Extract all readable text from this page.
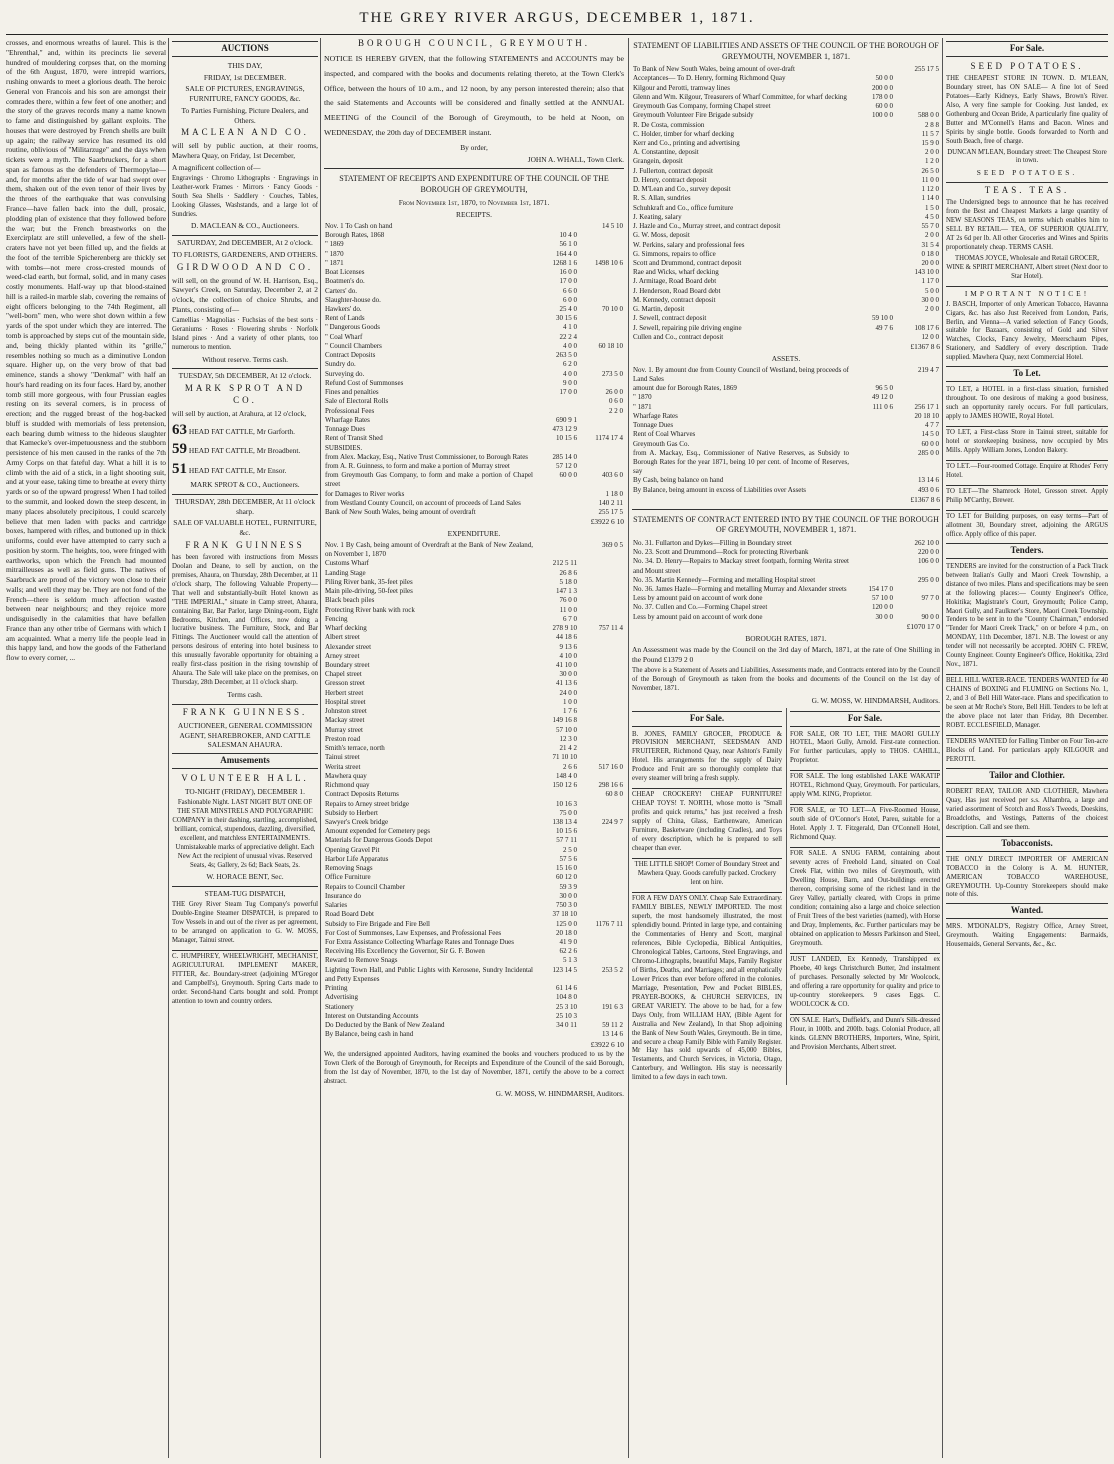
THE GREY RIVER ARGUS, DECEMBER 1, 1871.

crosses, and enormous wreaths of laurel. This is the "Ehrenthal," and, within its precincts lie several hundred of mouldering corpses that, on the morning of the 6th August, 1870, were intrepid warriors, rushing onwards to meet a glorious death. The heroic General von Francois and his son are amongst their comrades there, within a few feet of one another; and the story of the graves records many a name known to fame and distinguished by gallant exploits. The houses that were destroyed by French shells are built up again; the railway service has resumed its old routine, oblivious of "Militarzuge" and the days when tickets were a myth. The Saarbruckers, for a short span as famous as the defenders of Thermopylae—and, for months after the tide of war had swept over them, shaken out of the even tenor of their lives by the throes of the earthquake that was convulsing France—have fallen back into the dull, prosaic, plodding plan of existence that they followed before the war; but the French breastworks on the Exercirplatz are still unlevelled, a few of the shell-craters have not yet been filled up, and the fields at the foot of the terrible Spicherenberg are thickly set with tombs—not mere cross-crested mounds of weed-clad earth, but formal, solid, and in many cases costly monuments. Half-way up that blood-stained hill is a railed-in marble slab, covering the remains of eight officers belonging to the 74th Regiment, all "well-born" men, who were shot down within a few yards of the spot under which they are interred. The tomb is approached by steps cut of the mountain side, and, being thickly planted within its "grille," resembles nothing so much as a diminutive London square. Higher up, on the very brow of that bad eminence, stands a showy "Denkmal" with half an hour's hard reading on its four faces. Hard by, another tomb still more gorgeous, with four Prussian eagles resting on its several corners, is in process of erection; and the rugged breast of the hog-backed bluff is studded with memorials of less pretension, each bearing dumb witness to the hideous slaughter that Kamecke's over-impetuousness and the stubborn persistence of his men caused in the ranks of the 7th Army Corps on that fateful day. What a hill it is to climb with the aid of a stick, in a light shooting suit, and at your ease, taking time to breathe at every thirty yards or so of the upward progress! When I had toiled to the summit, and looked down the steep descent, in many places absolutely precipitous, I could scarcely believe that men laden with packs and cartridge boxes, hampered with rifles, and buttoned up in thick uniforms, could ever have attempted to carry such a position by storm. The heights, too, were fringed with earthworks, upon which the French had mounted mitrailleuses as well as field guns. The natives of Saarbruck are proud of the victory won close to their walls; and well they may be. They are not fond of the French—there is seldom much affection wasted between near neighbours; and they rejoice more undisguisedly in the calamities that have befallen France than any other tribe of Germans with which I am acquainted. What a merry life the people lead in this happy land, and how the goods of the Fatherland flow to every corner, ...

AUCTIONS

THIS DAY,

FRIDAY, 1st DECEMBER.

SALE OF PICTURES, ENGRAVINGS, FURNITURE, FANCY GOODS, &c.

To Parties Furnishing, Picture Dealers, and Others.

MACLEAN AND CO.

will sell by public auction, at their rooms, Mawhera Quay, on Friday, 1st December,

A magnificent collection of—

Engravings · Chromo Lithographs · Engravings in Leather-work Frames · Mirrors · Fancy Goods · South Sea Shells · Saddlery · Couches, Tables, Looking Glasses, Washstands, and a large lot of Sundries.

D. MACLEAN & CO., Auctioneers.

SATURDAY, 2nd DECEMBER, At 2 o'clock.

TO FLORISTS, GARDENERS, AND OTHERS.

GIRDWOOD AND CO.

will sell, on the ground of W. H. Harrison, Esq., Sawyer's Creek, on Saturday, December 2, at 2 o'clock, the collection of choice Shrubs, and Plants, consisting of—

Camellias · Magnolias · Fuchsias of the best sorts · Geraniums · Roses · Flowering shrubs · Norfolk Island pines · And a variety of other plants, too numerous to mention.

Without reserve. Terms cash.

TUESDAY, 5th DECEMBER, At 12 o'clock.

MARK SPROT AND CO.

will sell by auction, at Arahura, at 12 o'clock,

63 HEAD FAT CATTLE, Mr Garforth.
59 HEAD FAT CATTLE, Mr Broadbent.
51 HEAD FAT CATTLE, Mr Ensor.

MARK SPROT & CO., Auctioneers.

THURSDAY, 28th DECEMBER, At 11 o'clock sharp.

SALE OF VALUABLE HOTEL, FURNITURE, &c.

FRANK GUINNESS

has been favored with instructions from Messrs Doolan and Deane, to sell by auction, on the premises, Ahaura, on Thursday, 28th December, at 11 o'clock sharp, The following Valuable Property— That well and substantially-built Hotel known as "THE IMPERIAL," situate in Camp street, Ahaura, containing Bar, Bar Parlor, large Dining-room, Eight Bedrooms, Kitchen, and Offices, now doing a lucrative business. The Furniture, Stock, and Bar Fittings. The Auctioneer would call the attention of persons desirous of entering into hotel business to this unusually favorable opportunity for obtaining a really first-class position in the rising township of Ahaura. The Sale will take place on the premises, on Thursday, 28th December, at 11 o'clock sharp.

Terms cash.

FRANK GUINNESS.

AUCTIONEER, GENERAL COMMISSION AGENT, SHAREBROKER, AND CATTLE SALESMAN AHAURA.

Amusements

VOLUNTEER HALL.

TO-NIGHT (FRIDAY), DECEMBER 1.

Fashionable Night. LAST NIGHT BUT ONE OF THE STAR MINSTRELS AND POLYGRAPHIC COMPANY in their dashing, startling, accomplished, brilliant, comical, stupendous, dazzling, diversified, excellent, and matchless ENTERTAINMENTS. Unmistakeable marks of appreciative delight. Each New Act the recipient of unusual vivas. Reserved Seats, 4s; Gallery, 2s 6d; Back Seats, 2s.

W. HORACE BENT, Sec.

STEAM-TUG DISPATCH,

THE Grey River Steam Tug Company's powerful Double-Engine Steamer DISPATCH, is prepared to Tow Vessels in and out of the river as per agreement, to be arranged on application to G. W. MOSS, Manager, Tainui street.

C. HUMPHREY, WHEELWRIGHT, MECHANIST, AGRICULTURAL IMPLEMENT MAKER, FITTER, &c. Boundary-street (adjoining M'Gregor and Campbell's), Greymouth. Spring Carts made to order. Second-hand Carts bought and sold. Prompt attention to town and country orders.

BOROUGH COUNCIL, GREYMOUTH.

NOTICE IS HEREBY GIVEN, that the following STATEMENTS and ACCOUNTS may be inspected, and compared with the books and documents relating thereto, at the Town Clerk's Office, between the hours of 10 a.m., and 12 noon, by any person interested therein; also that the said Statements and Accounts will be considered and finally settled at the ANNUAL MEETING of the Council of the Borough of Greymouth, to be held at Noon, on WEDNESDAY, the 20th day of DECEMBER instant.

By order,

JOHN A. WHALL, Town Clerk.

STATEMENT OF RECEIPTS AND EXPENDITURE OF THE COUNCIL OF THE BOROUGH OF GREYMOUTH,

From November 1st, 1870, to November 1st, 1871.

RECEIPTS.

Nov. 1 To Cash on hand		14 5 10
Borough Rates, 1868	10 4 0	
" 1869	56 1 0	
" 1870	164 4 0	
" 1871	1268 1 6	1498 10 6
Boat Licenses	16 0 0	
Boatmen's do.	17 0 0	
Carters' do.	6 6 0	
Slaughter-house do.	6 0 0	
Hawkers' do.	25 4 0	70 10 0
Rent of Lands	30 15 6	
" Dangerous Goods	4 1 0	
" Coal Wharf	22 2 4	
" Council Chambers	4 0 0	60 18 10
Contract Deposits	263 5 0	
Sundry do.	6 2 0	
Surveying do.	4 0 0	273 5 0
Refund Cost of Summonses	9 0 0	
Fines and penalties	17 0 0	26 0 0
Sale of Electoral Rolls		0 6 0
Professional Fees		2 2 0
Wharfage Rates	690 9 1	
Tonnage Dues	473 12 9	
Rent of Transit Shed	10 15 6	1174 17 4
SUBSIDIES.		
from Alex. Mackay, Esq., Native Trust Commissioner, to Borough Rates	285 14 0	
from A. R. Guinness, to form and make a portion of Murray street	57 12 0	
from Greymouth Gas Company, to form and make a portion of Chapel street	60 0 0	403 6 0
for Damages to River works		1 18 0
from Westland County Council, on account of proceeds of Land Sales		140 2 11
Bank of New South Wales, being amount of overdraft		255 17 5

£3922 6 10

EXPENDITURE.

Nov. 1 By Cash, being amount of Overdraft at the Bank of New Zealand, on November 1, 1870		369 0 5
Customs Wharf	212 5 11	
Landing Stage	26 8 6	
Piling River bank, 35-feet piles	5 18 0	
Main pile-driving, 50-feet piles	147 1 3	
Black beach piles	76 0 0	
Protecting River bank with rock	11 0 0	
Fencing	6 7 0	
Wharf decking	278 9 10	757 11 4
Albert street	44 18 6	
Alexander street	9 13 6	
Arney street	4 10 0	
Boundary street	41 10 0	
Chapel street	30 0 0	
Gresson street	41 13 6	
Herbert street	24 0 0	
Hospital street	1 0 0	
Johnston street	1 7 6	
Mackay street	149 16 8	
Murray street	57 10 0	
Preston road	12 3 0	
Smith's terrace, north	21 4 2	
Tainui street	71 10 10	
Werita street	2 6 6	517 16 0
Mawhera quay	148 4 0	
Richmond quay	150 12 6	298 16 6
Contract Deposits Returns		60 8 0
Repairs to Arney street bridge	10 16 3	
Subsidy to Herbert	75 0 0	
Sawyer's Creek bridge	138 13 4	224 9 7
Amount expended for Cemetery pegs	10 15 6	
Materials for Dangerous Goods Depot	57 7 11	
Opening Gravel Pit	2 5 0	
Harbor Life Apparatus	57 5 6	
Removing Snags	15 16 0	
Office Furniture	60 12 0	
Repairs to Council Chamber	59 3 9	
Insurance do	30 0 0	
Salaries	750 3 0	
Road Board Debt	37 18 10	
Subsidy to Fire Brigade and Fire Bell	125 0 0	1176 7 11
For Cost of Summonses, Law Expenses, and Professional Fees	20 18 0	
For Extra Assistance Collecting Wharfage Rates and Tonnage Dues	41 9 0	
Receiving His Excellency the Governor, Sir G. F. Bowen	62 2 6	
Reward to Remove Snags	5 1 3	
Lighting Town Hall, and Public Lights with Kerosene, Sundry Incidental and Petty Expenses	123 14 5	253 5 2
Printing	61 14 6	
Advertising	104 8 0	
Stationery	25 3 10	191 6 3
Interest on Outstanding Accounts	25 10 3	
Do Deducted by the Bank of New Zealand	34 0 11	59 11 2
By Balance, being cash in hand		13 14 6

£3922 6 10

We, the undersigned appointed Auditors, having examined the books and vouchers produced to us by the Town Clerk of the Borough of Greymouth, for Receipts and Expenditure of the Council of the said Borough, from the 1st day of November, 1870, to the 1st day of November, 1871, certify the above to be a correct abstract.

G. W. MOSS, W. HINDMARSH, Auditors.

STATEMENT OF LIABILITIES AND ASSETS OF THE COUNCIL OF THE BOROUGH OF GREYMOUTH, NOVEMBER 1, 1871.

To Bank of New South Wales, being amount of over-draft		255 17 5
Acceptances— To D. Henry, forming Richmond Quay	50 0 0	
Kilgour and Perotti, tramway lines	200 0 0	
Glenn and Wm. Kilgour, Treasurers of Wharf Committee, for wharf decking	178 0 0	
Greymouth Gas Company, forming Chapel street	60 0 0	
Greymouth Volunteer Fire Brigade subsidy	100 0 0	588 0 0
R. De Costa, commission		2 8 8
C. Holder, timber for wharf decking		11 5 7
Kerr and Co., printing and advertising		15 9 0
A. Constantine, deposit		2 0 0
Grangein, deposit		1 2 0
J. Fullerton, contract deposit		26 5 0
D. Henry, contract deposit		11 0 0
D. M'Lean and Co., survey deposit		1 12 0
R. S. Allan, sundries		1 14 0
Schuhkraft and Co., office furniture		1 5 0
J. Keating, salary		4 5 0
J. Hazle and Co., Murray street, and contract deposit		55 7 0
G. W. Moss, deposit		2 0 0
W. Perkins, salary and professional fees		31 5 4
G. Simmons, repairs to office		0 18 0
Scott and Drummond, contract deposit		20 0 0
Rae and Wicks, wharf decking		143 10 0
J. Armitage, Road Board debt		1 17 0
J. Henderson, Road Board debt		5 0 0
M. Kennedy, contract deposit		30 0 0
G. Martin, deposit		2 0 0
J. Sewell, contract deposit	59 10 0	
J. Sewell, repairing pile driving engine	49 7 6	108 17 6
Cullen and Co., contract deposit		12 0 0

£1367 8 6

ASSETS.

Nov. 1. By amount due from County Council of Westland, being proceeds of Land Sales		219 4 7
amount due for Borough Rates, 1869	96 5 0	
" 1870	49 12 0	
" 1871	111 0 6	256 17 1
Wharfage Rates		20 18 10
Tonnage Dues		4 7 7
Rent of Coal Wharves		14 5 0
Greymouth Gas Co.		60 0 0
from A. Mackay, Esq., Commissioner of Native Reserves, as Subsidy to Borough Rates for the year 1871, being 10 per cent. of Income of Reserves, say		285 0 0
By Cash, being balance on hand		13 14 6
By Balance, being amount in excess of Liabilities over Assets		493 0 6

£1367 8 6

STATEMENTS OF CONTRACT ENTERED INTO BY THE COUNCIL OF THE BOROUGH OF GREYMOUTH, NOVEMBER 1, 1871.

No. 31. Fullarton and Dykes—Filling in Boundary street		262 10 0
No. 23. Scott and Drummond—Rock for protecting Riverbank		220 0 0
No. 34. D. Henry—Repairs to Mackay street footpath, forming Werita street and Mount street		106 0 0
No. 35. Martin Kennedy—Forming and metalling Hospital street		295 0 0
No. 36. James Hazle—Forming and metalling Murray and Alexander streets	154 17 0	
Less by amount paid on account of work done	57 10 0	97 7 0
No. 37. Cullen and Co.—Forming Chapel street	120 0 0	
Less by amount paid on account of work done	30 0 0	90 0 0

£1070 17 0

BOROUGH RATES, 1871.

An Assessment was made by the Council on the 3rd day of March, 1871, at the rate of One Shilling in the Pound £1379 2 0

The above is a Statement of Assets and Liabilities, Assessments made, and Contracts entered into by the Council of the Borough of Greymouth as taken from the books and documents of the Council on the 1st day of November, 1871.

G. W. MOSS, W. HINDMARSH, Auditors.

For Sale.

B. JONES, FAMILY GROCER, PRODUCE & PROVISION MERCHANT, SEEDSMAN AND FRUITERER, Richmond Quay, near Ashton's Family Hotel. His arrangements for the supply of Dairy Produce and Fruit are so thoroughly complete that every steamer will bring a fresh supply.

CHEAP CROCKERY! CHEAP FURNITURE! CHEAP TOYS! T. NORTH, whose motto is "Small profits and quick returns," has just received a fresh supply of China, Glass, Earthenware, American Furniture, Basketware (including Cradles), and Toys of every description, which he is prepared to sell cheaper than ever.

THE LITTLE SHOP! Corner of Boundary Street and Mawhera Quay. Goods carefully packed. Crockery lent on hire.

FOR A FEW DAYS ONLY. Cheap Sale Extraordinary. FAMILY BIBLES, NEWLY IMPORTED. The most superb, the most handsomely illustrated, the most splendidly bound. Printed in large type, and containing the Commentaries of Henry and Scott, marginal references, Bible Cyclopedia, Biblical Antiquities, Chronological Tables, Cartoons, Steel Engravings, and Chromo-Lithographs, beautiful Maps, Family Register of Births, Deaths, and Marriages; and all emphatically Lower Prices than ever before offered in the colonies. Marriage, Presentation, Pew and Pocket BIBLES, PRAYER-BOOKS, & CHURCH SERVICES, IN GREAT VARIETY. The above to be had, for a few Days Only, from WILLIAM HAY, (Bible Agent for Australia and New Zealand), In that Shop adjoining the Bank of New South Wales, Greymouth. Be in time, and secure a cheap Family Bible with Family Register. Mr Hay has sold upwards of 45,000 Bibles, Testaments, and Church Services, in Victoria, Otago, Canterbury, and Wellington. His stay is necessarily limited to a few days in each town.

For Sale.

FOR SALE, OR TO LET, THE MAORI GULLY HOTEL, Maori Gully, Arnold. First-rate connection. For further particulars, apply to THOS. CAHILL, Proprietor.

FOR SALE. The long established LAKE WAKATIP HOTEL, Richmond Quay, Greymouth. For particulars, apply WM. KING, Proprietor.

FOR SALE, or TO LET—A Five-Roomed House, south side of O'Connor's Hotel, Pareu, suitable for a Hotel. Apply J. T. Fitzgerald, Dan O'Connell Hotel, Richmond Quay.

FOR SALE. A SNUG FARM, containing about seventy acres of Freehold Land, situated on Coal Creek Flat, within two miles of Greymouth, with Dwelling House, Barn, and Out-buildings erected thereon, comprising some of the richest land in the Grey Valley, partially cleared, with Crops in prime condition; containing also a large and choice selection of Fruit Trees of the best varieties (named), with Horse and Dray, Implements, &c. Further particulars may be obtained on application to Messrs Parkinson and Steel, Greymouth.

JUST LANDED, Ex Kennedy, Transhipped ex Phoebe, 40 kegs Christchurch Butter, 2nd instalment of purchases. Personally selected by Mr Woolcock, and offering a rare opportunity for quality and price to up-country storekeepers. 9 cases Eggs. C. WOOLCOCK & CO.

ON SALE. Hart's, Duffield's, and Dunn's Silk-dressed Flour, in 100lb. and 200lb. bags. Colonial Produce, all kinds. GLENN BROTHERS, Importers, Wine, Spirit, and Provision Merchants, Albert street.

For Sale.

SEED POTATOES.

THE CHEAPEST STORE IN TOWN. D. M'LEAN, Boundary street, has ON SALE— A fine lot of Seed Potatoes—Early Kidneys, Early Shaws, Brown's River. Also, A very fine sample for Cooking. Just landed, ex Gothenburg and Ocean Bride, A particularly fine quality of Butter and M'Connell's Hams and Bacon. Wines and Spirits by single bottle. Goods forwarded to North and South Beach, free of charge.

DUNCAN M'LEAN, Boundary street: The Cheapest Store in town.

SEED POTATOES.

TEAS. TEAS.

The Undersigned begs to announce that he has received from the Best and Cheapest Markets a large quantity of NEW SEASONS TEAS, on terms which enables him to SELL BY RETAIL— TEA, OF SUPERIOR QUALITY, AT 2s 6d per lb. All other Groceries and Wines and Spirits proportionately cheap. TERMS CASH.

THOMAS JOYCE, Wholesale and Retail GROCER, WINE & SPIRIT MERCHANT, Albert street (Next door to Star Hotel).

IMPORTANT NOTICE!

J. BASCH, Importer of only American Tobacco, Havanna Cigars, &c. has also Just Received from London, Paris, Berlin, and Vienna—A varied selection of Fancy Goods, suitable for Bazaars, consisting of Gold and Silver Watches, Clocks, Fancy Jewelry, Meerschaum Pipes, Stationery, and Saddlery of every description. Trade supplied. Mawhera Quay, next Commercial Hotel.

To Let.

TO LET, a HOTEL in a first-class situation, furnished throughout. To one desirous of making a good business, such an opportunity rarely occurs. For full particulars, apply to JAMES HOWIE, Royal Hotel.

TO LET, a First-class Store in Tainui street, suitable for hotel or storekeeping business, now occupied by Mrs Mills. Apply William Jones, London Bakery.

TO LET.—Four-roomed Cottage. Enquire at Rhodes' Ferry Hotel.

TO LET—The Shamrock Hotel, Gresson street. Apply Philip M'Carthy, Brewer.

TO LET for Building purposes, on easy terms—Part of allotment 30, Boundary street, adjoining the ARGUS office. Apply office of this paper.

Tenders.

TENDERS are invited for the construction of a Pack Track between Italian's Gully and Maori Creek Township, a distance of two miles. Plans and specifications may be seen at the following places:— County Engineer's Office, Hokitika; Magistrate's Court, Greymouth; Police Camp, Maori Gully, and Faulkner's Store, Maori Creek Township. Tenders to be sent in to the "County Chairman," endorsed "Tender for Maori Creek Track," on or before 4 p.m., on MONDAY, 11th December, 1871. N.B. The lowest or any tender will not necessarily be accepted. JOHN C. FREW, County Engineer. County Engineer's Office, Hokitika, 23rd Nov., 1871.

BELL HILL WATER-RACE. TENDERS WANTED for 40 CHAINS of BOXING and FLUMING on Sections No. 1, 2, and 3 of Bell Hill Water-race. Plans and specification to be seen at Mr Roche's Store, Bell Hill. Tenders to be left at the above place not later than Friday, 8th December. ROBT. ECCLESFIELD, Manager.

TENDERS WANTED for Falling Timber on Four Ten-acre Blocks of Land. For particulars apply KILGOUR and PEROTTI.

Tailor and Clothier.

ROBERT REAY, TAILOR AND CLOTHIER, Mawhera Quay, Has just received per s.s. Alhambra, a large and varied assortment of Scotch and Ross's Tweeds, Doeskins, Broadcloths, and Vestings, Patterns of the choicest description. Call and see them.

Tobacconists.

THE ONLY DIRECT IMPORTER OF AMERICAN TOBACCO in the Colony is A. M. HUNTER, AMERICAN TOBACCO WAREHOUSE, GREYMOUTH. Up-Country Storekeepers should make note of this.

Wanted.

MRS. M'DONALD'S, Registry Office, Arney Street, Greymouth. Waiting Engagements: Barmaids, Housemaids, General Servants, &c., &c.
